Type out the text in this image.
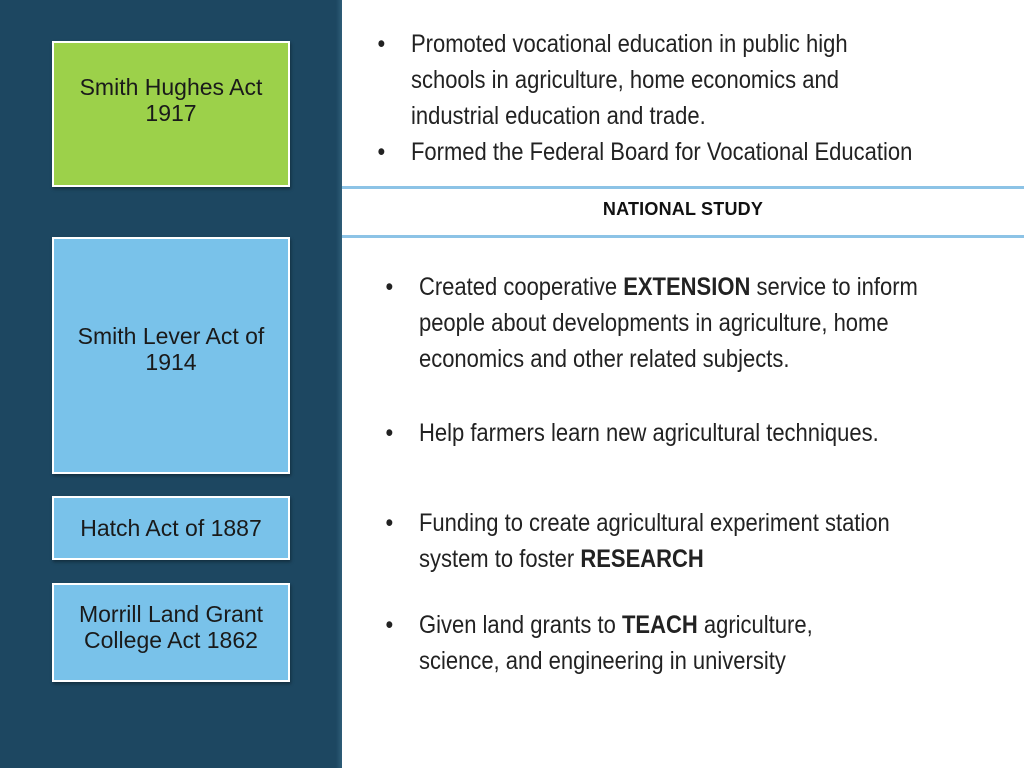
Smith Hughes Act
1917
Smith Lever Act of
1914
Hatch Act of 1887
Morrill Land Grant
College Act 1862
• Promoted vocational education in public high
schools in agriculture, home economics and
industrial education and trade.
• Formed the Federal Board for Vocational Education
NATIONAL STUDY
• Created cooperative EXTENSION service to inform
people about developments in agriculture, home
economics and other related subjects.
• Help farmers learn new agricultural techniques.
• Funding to create agricultural experiment station
system to foster RESEARCH
• Given land grants to TEACH agriculture,
science, and engineering in university
